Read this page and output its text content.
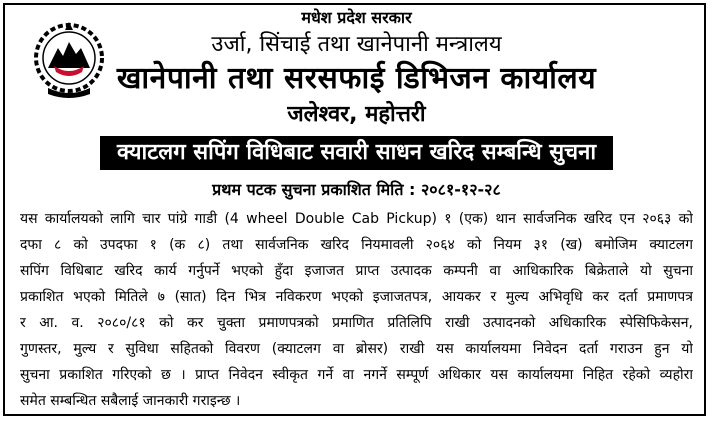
मधेश प्रदेश सरकार
उर्जा, सिंचाई तथा खानेपानी मन्त्रालय
खानेपानी तथा सरसफाई डिभिजन कार्यालय
जलेश्वर, महोत्तरी
क्याटलग सपिंग विधिबाट सवारी साधन खरिद सम्बन्धि सुचना
प्रथम पटक सुचना प्रकाशित मिति : २०८१-१२-२८
यस कार्यालयको लागि चार पांग्रे गाडी (4 wheel Double Cab Pickup) १ (एक) थान सार्वजनिक खरिद एन २०६३ को
दफा ८ को उपदफा १ (क ८) तथा सार्वजनिक खरिद नियमावली २०६४ को नियम ३१ (ख) बमोजिम क्याटलग
सपिंग विधिबाट खरिद कार्य गर्नुपर्ने भएको हुँदा इजाजत प्राप्त उत्पादक कम्पनी वा आधिकारिक बिक्रेताले यो सुचना
प्रकाशित भएको मितिले ७ (सात) दिन भित्र नविकरण भएको इजाजतपत्र, आयकर र मुल्य अभिवृधि कर दर्ता प्रमाणपत्र
र आ. व. २०८०/८१ को कर चुक्ता प्रमाणपत्रको प्रमाणित प्रतिलिपि राखी उत्पादनको अधिकारिक स्पेसिफिकेसन,
गुणस्तर, मुल्य र सुविधा सहितको विवरण (क्याटलग वा ब्रोसर) राखी यस कार्यालयमा निवेदन दर्ता गराउन हुन यो
सुचना प्रकाशित गरिएको छ । प्राप्त निवेदन स्वीकृत गर्ने वा नगर्ने सम्पूर्ण अधिकार यस कार्यालयमा निहित रहेको व्यहोरा
समेत सम्बन्धित सबैलाई जानकारी गराइन्छ ।
